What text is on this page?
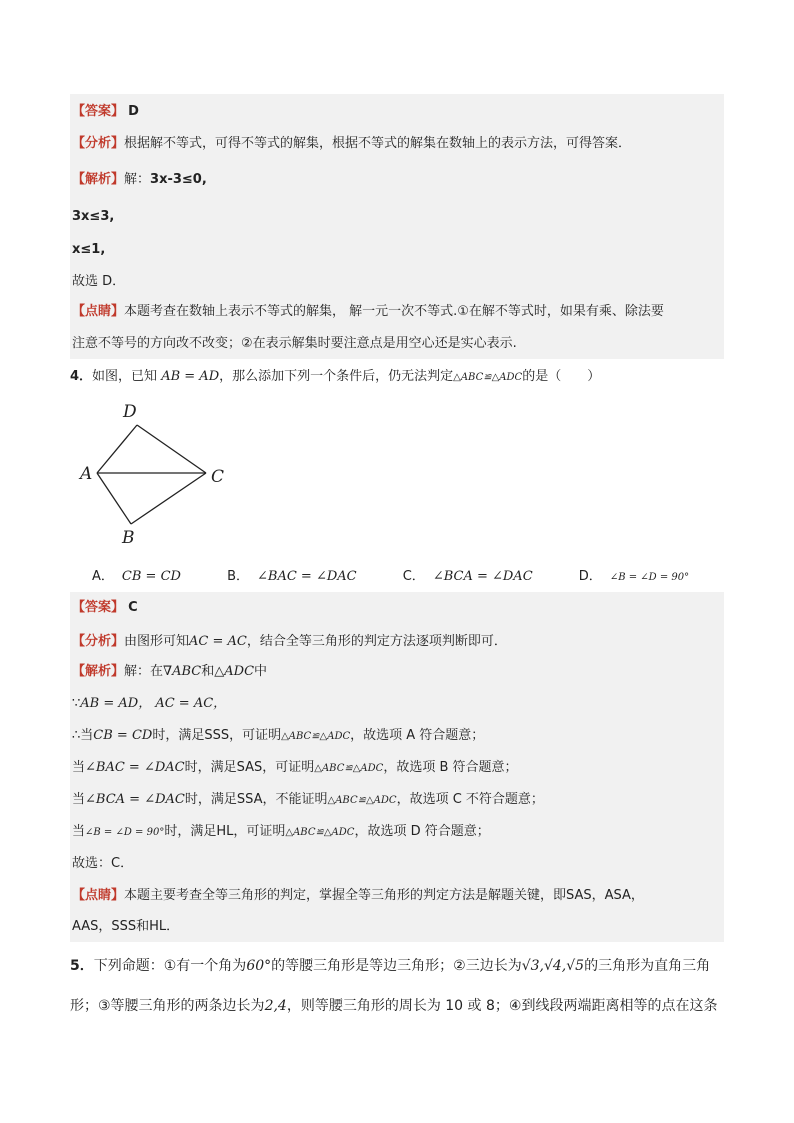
【答案】 D
【分析】根据解不等式，可得不等式的解集，根据不等式的解集在数轴上的表示方法，可得答案．
【解析】解：3x-3≤0,
3x≤3,
x≤1,
故选 D．
【点睛】本题考查在数轴上表示不等式的解集， 解一元一次不等式.①在解不等式时，如果有乘、除法要
注意不等号的方向改不改变；②在表示解集时要注意点是用空心还是实心表示.
4．如图，已知 AB = AD，那么添加下列一个条件后，仍无法判定△ABC≌△ADC的是（　　）
D
A	C
B
A． CB = CD	B． ∠BAC = ∠DAC	C． ∠BCA = ∠DAC	D． ∠B = ∠D = 90°
【答案】 C
【分析】由图形可知AC = AC，结合全等三角形的判定方法逐项判断即可．
【解析】解：在∇ABC和△ADC中
∵AB = AD， AC = AC，
∴当CB = CD时，满足SSS，可证明△ABC≌△ADC，故选项 A 符合题意；
当∠BAC = ∠DAC时，满足SAS，可证明△ABC≌△ADC，故选项 B 符合题意；
当∠BCA = ∠DAC时，满足SSA，不能证明△ABC≌△ADC，故选项 C 不符合题意；
当∠B = ∠D = 90°时，满足HL，可证明△ABC≌△ADC，故选项 D 符合题意；
故选：C．
【点睛】本题主要考查全等三角形的判定，掌握全等三角形的判定方法是解题关键，即SAS，ASA，
AAS，SSS和HL．
5．下列命题：①有一个角为60°的等腰三角形是等边三角形；②三边长为√3,√4,√5的三角形为直角三角
形；③等腰三角形的两条边长为2,4，则等腰三角形的周长为 10 或 8；④到线段两端距离相等的点在这条
